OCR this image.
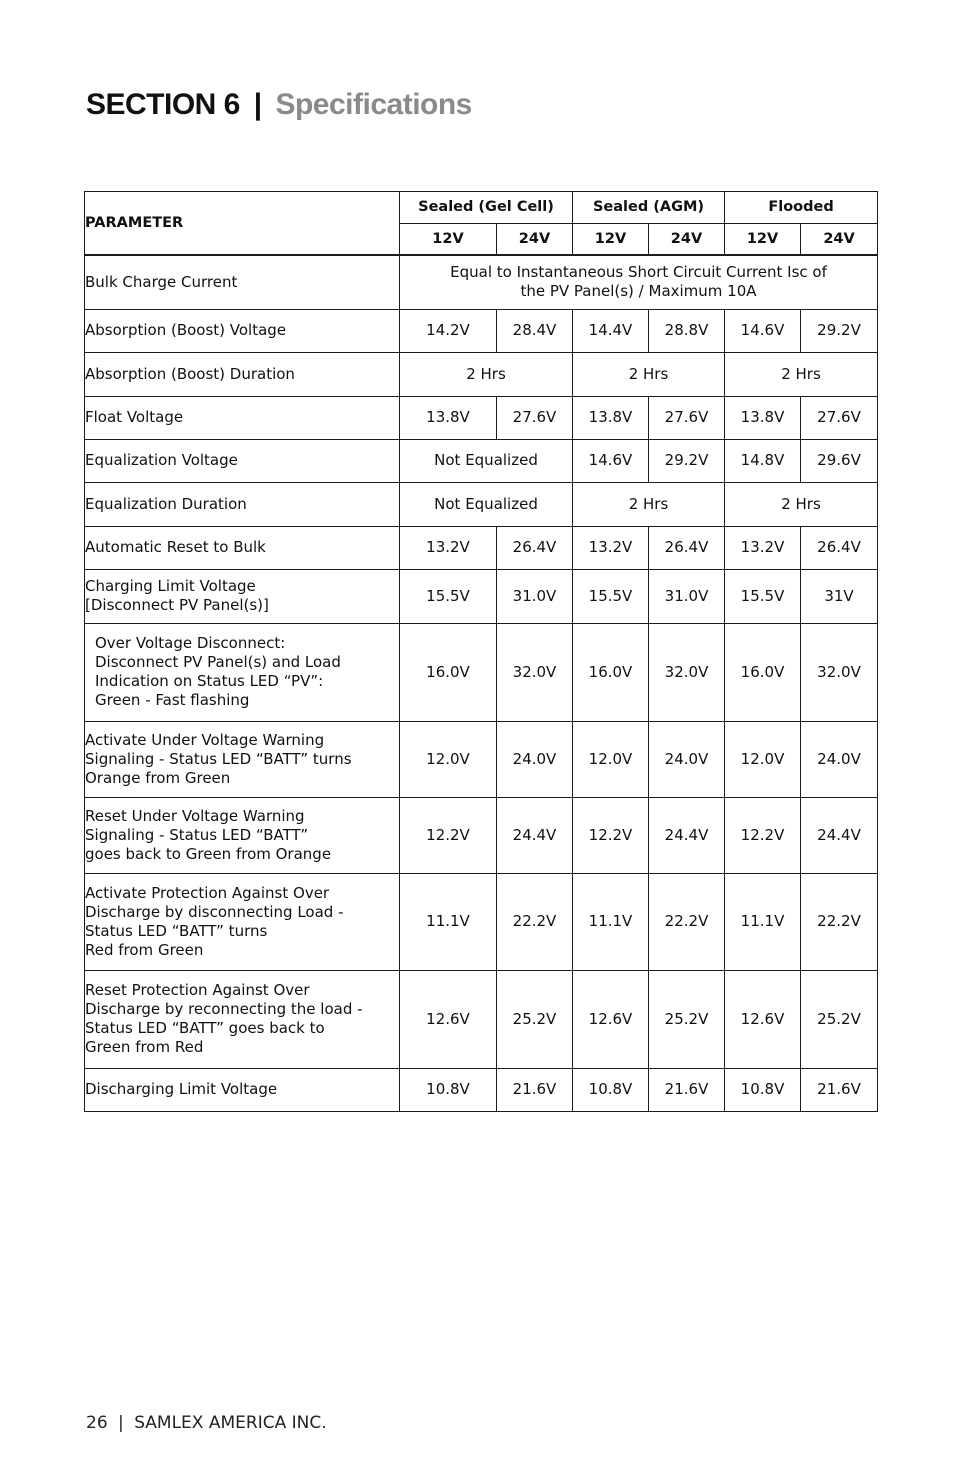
SECTION 6 | Specifications
PARAMETER	Sealed (Gel Cell)		Sealed (AGM)		Flooded	
	12V	24V	12V	24V	12V	24V

Bulk Charge Current	Equal to Instantaneous Short Circuit Current Isc of
the PV Panel(s) / Maximum 10A					

Absorption (Boost) Voltage	14.2V	28.4V	14.4V	28.8V	14.6V	29.2V
Absorption (Boost) Duration	2 Hrs		2 Hrs		2 Hrs	
Float Voltage	13.8V	27.6V	13.8V	27.6V	13.8V	27.6V
Equalization Voltage	Not Equalized		14.6V	29.2V	14.8V	29.6V
Equalization Duration	Not Equalized		2 Hrs		2 Hrs	
Automatic Reset to Bulk	13.2V	26.4V	13.2V	26.4V	13.2V	26.4V

Charging Limit Voltage
[Disconnect PV Panel(s)]	15.5V	31.0V	15.5V	31.0V	15.5V	31V

Over Voltage Disconnect:
Disconnect PV Panel(s) and Load
Indication on Status LED “PV”:
Green - Fast flashing	16.0V	32.0V	16.0V	32.0V	16.0V	32.0V

Activate Under Voltage Warning
Signaling - Status LED “BATT” turns
Orange from Green	12.0V	24.0V	12.0V	24.0V	12.0V	24.0V

Reset Under Voltage Warning
Signaling - Status LED “BATT”
goes back to Green from Orange	12.2V	24.4V	12.2V	24.4V	12.2V	24.4V

Activate Protection Against Over
Discharge by disconnecting Load -
Status LED “BATT” turns
Red from Green	11.1V	22.2V	11.1V	22.2V	11.1V	22.2V

Reset Protection Against Over
Discharge by reconnecting the load -
Status LED “BATT” goes back to
Green from Red	12.6V	25.2V	12.6V	25.2V	12.6V	25.2V
Discharging Limit Voltage	10.8V	21.6V	10.8V	21.6V	10.8V	21.6V
26 | SAMLEX AMERICA INC.
